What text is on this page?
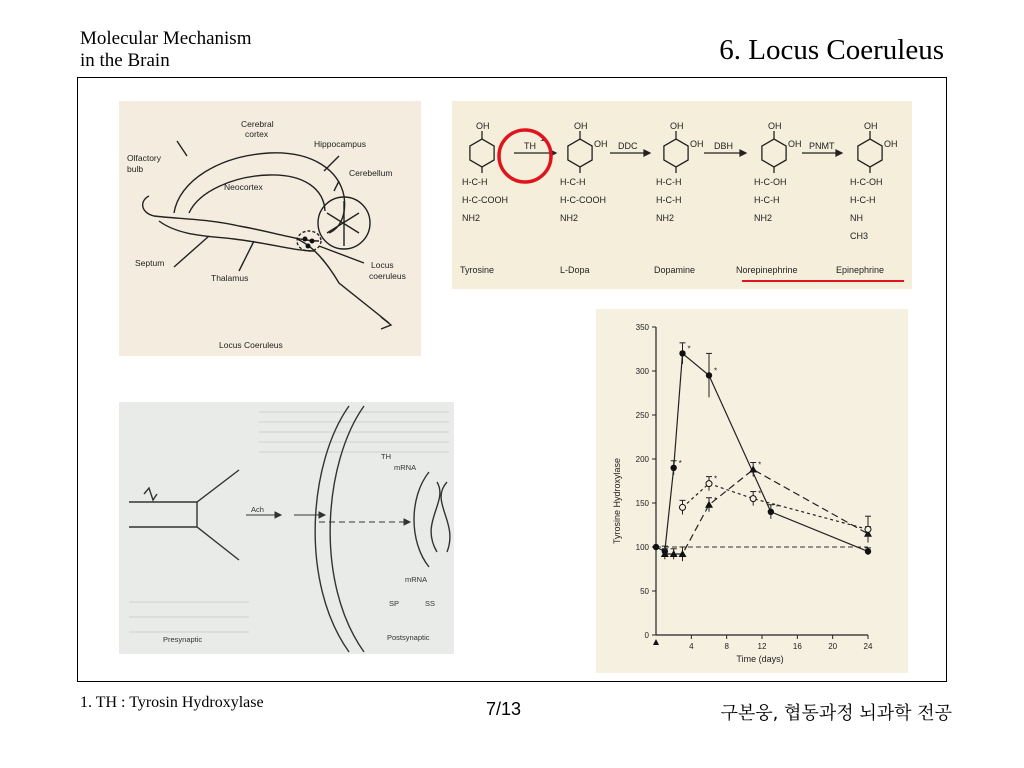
Molecular Mechanism
in the Brain	6. Locus Coeruleus
Cerebral
cortex
Hippocampus
Olfactory
bulb	Cerebellum
Neocortex
Septum
Thalamus
Locus
coeruleus
Locus Coeruleus
OH
H-C-H
H-C-COOH
NH2
OH
OH
H-C-H
H-C-COOH
NH2
OH
OH
H-C-H
H-C-H
NH2
OH
OH
H-C-OH
H-C-H
NH2
OH
OH
H-C-OH
H-C-H
NH
CH3
TH	DDC	DBH	PNMT
1
Tyrosine	L-Dopa	Dopamine	Norepinephrine	Epinephrine
Ach
TH
mRNA
mRNA
SP	SS
Presynaptic	Postsynaptic
Tyrosine Hydroxylase
Time (days)
0
50
100
150
200
250
300
350
4	8	12	16	20	24
*
*
*
*
*
*
*
*
1. TH : Tyrosin Hydroxylase	7/13	구본웅, 협동과정 뇌과학 전공
